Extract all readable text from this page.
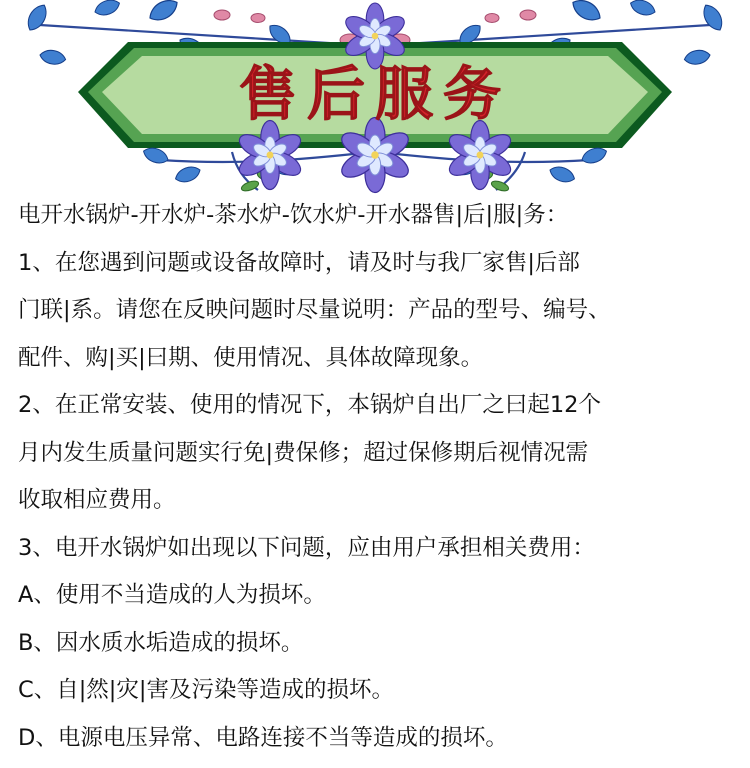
售后服务
电开水锅炉-开水炉-茶水炉-饮水炉-开水器售|后|服|务：
1、在您遇到问题或设备故障时，请及时与我厂家售|后部
门联|系。请您在反映问题时尽量说明：产品的型号、编号、
配件、购|买|曰期、使用情况、具体故障现象。
2、在正常安装、使用的情况下，本锅炉自出厂之曰起12个
月内发生质量问题实行免|费保修；超过保修期后视情况需
收取相应费用。
3、电开水锅炉如出现以下问题，应由用户承担相关费用：
A、使用不当造成的人为损坏。
B、因水质水垢造成的损坏。
C、自|然|灾|害及污染等造成的损坏。
D、电源电压异常、电路连接不当等造成的损坏。
